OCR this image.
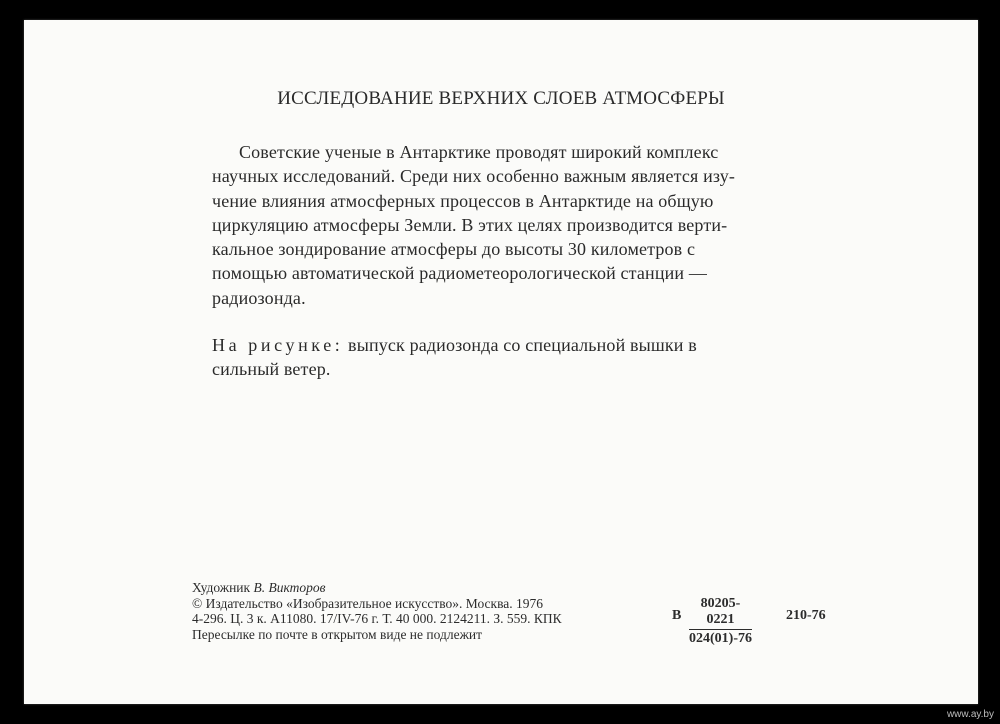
ИССЛЕДОВАНИЕ ВЕРХНИХ СЛОЕВ АТМОСФЕРЫ
Советские ученые в Антарктике проводят широкий комплекс
научных исследований. Среди них особенно важным является изу-
чение влияния атмосферных процессов в Антарктиде на общую
циркуляцию атмосферы Земли. В этих целях производится верти-
кальное зондирование атмосферы до высоты 30 километров с
помощью автоматической радиометеорологической станции —
радиозонда.
На рисунке: выпуск радиозонда со специальной вышки в
сильный ветер.
Художник В. Викторов
© Издательство «Изобразительное искусство». Москва. 1976
4-296. Ц. 3 к. А11080. 17/IV-76 г. Т. 40 000. 2124211. З. 559. КПК
Пересылке по почте в открытом виде не подлежит
В $\frac{80205-0221}{024(01)-76} 210-76$
www.ay.by
